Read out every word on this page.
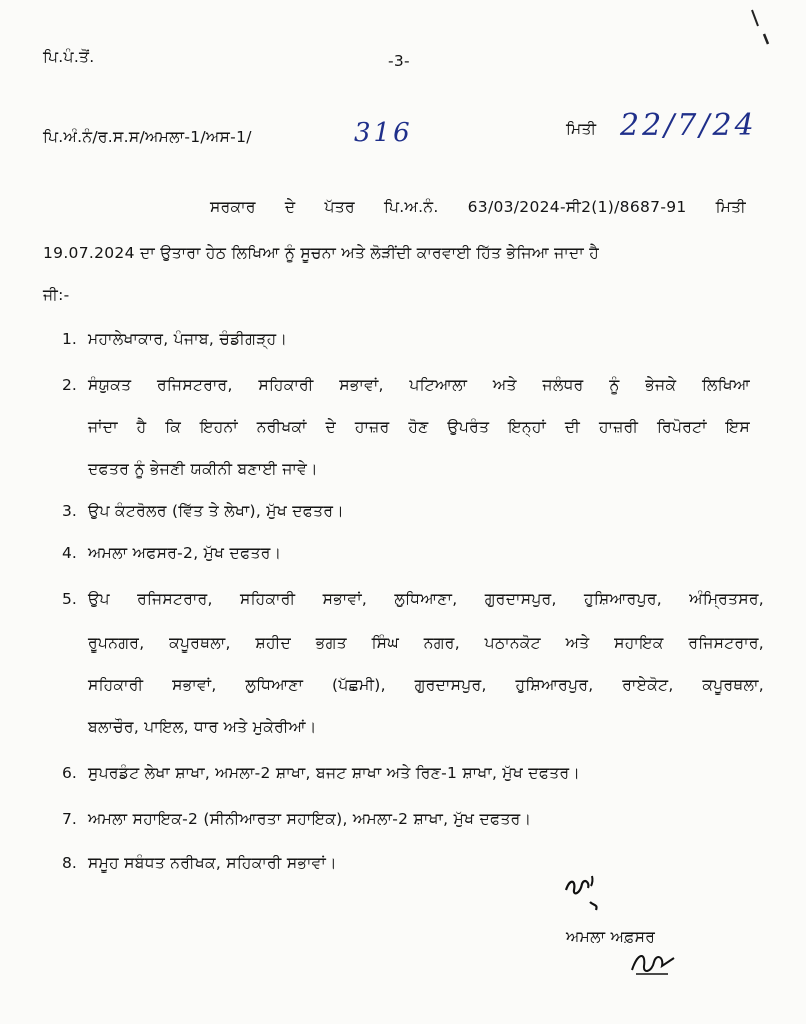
ਪਿ.ਪੰ.ਤੋਂ.	-3-
ਪਿ.ਅੰ.ਨੰ/ਰ.ਸ.ਸ/ਅਮਲਾ-1/ਅਸ-1/	316	ਮਿਤੀ 22/7/24
ਸਰਕਾਰ ਦੇ ਪੱਤਰ ਪਿ.ਅ.ਨੰ. 63/03/2024-ਸੀ2(1)/8687-91 ਮਿਤੀ
19.07.2024 ਦਾ ਉਤਾਰਾ ਹੇਠ ਲਿਖਿਆ ਨੂੰ ਸੂਚਨਾ ਅਤੇ ਲੋੜੀਂਦੀ ਕਾਰਵਾਈ ਹਿੱਤ ਭੇਜਿਆ ਜਾਦਾ ਹੈ
ਜੀ:-
1. ਮਹਾਲੇਖਾਕਾਰ, ਪੰਜਾਬ, ਚੰਡੀਗੜ੍ਹ।
2. ਸੰਯੁਕਤ ਰਜਿਸਟਰਾਰ, ਸਹਿਕਾਰੀ ਸਭਾਵਾਂ, ਪਟਿਆਲਾ ਅਤੇ ਜਲੰਧਰ ਨੂੰ ਭੇਜਕੇ ਲਿਖਿਆ
ਜਾਂਦਾ ਹੈ ਕਿ ਇਹਨਾਂ ਨਰੀਖਕਾਂ ਦੇ ਹਾਜ਼ਰ ਹੋਣ ਉਪਰੰਤ ਇਨ੍ਹਾਂ ਦੀ ਹਾਜ਼ਰੀ ਰਿਪੋਰਟਾਂ ਇਸ
ਦਫਤਰ ਨੂੰ ਭੇਜਣੀ ਯਕੀਨੀ ਬਣਾਈ ਜਾਵੇ।
3. ਉਪ ਕੰਟਰੋਲਰ (ਵਿੱਤ ਤੇ ਲੇਖਾ), ਮੁੱਖ ਦਫਤਰ।
4. ਅਮਲਾ ਅਫਸਰ-2, ਮੁੱਖ ਦਫਤਰ।
5. ਉਪ ਰਜਿਸਟਰਾਰ, ਸਹਿਕਾਰੀ ਸਭਾਵਾਂ, ਲੁਧਿਆਣਾ, ਗੁਰਦਾਸਪੁਰ, ਹੁਸ਼ਿਆਰਪੁਰ, ਅੰਮ੍ਰਿਤਸਰ,
ਰੂਪਨਗਰ, ਕਪੂਰਥਲਾ, ਸ਼ਹੀਦ ਭਗਤ ਸਿੰਘ ਨਗਰ, ਪਠਾਨਕੋਟ ਅਤੇ ਸਹਾਇਕ ਰਜਿਸਟਰਾਰ,
ਸਹਿਕਾਰੀ ਸਭਾਵਾਂ, ਲੁਧਿਆਣਾ (ਪੱਛਮੀ), ਗੁਰਦਾਸਪੁਰ, ਹੁਸ਼ਿਆਰਪੁਰ, ਰਾਏਕੋਟ, ਕਪੂਰਥਲਾ,
ਬਲਾਚੌਰ, ਪਾਇਲ, ਧਾਰ ਅਤੇ ਮੁਕੇਰੀਆਂ।
6. ਸੁਪਰਡੰਟ ਲੇਖਾ ਸ਼ਾਖਾ, ਅਮਲਾ-2 ਸ਼ਾਖਾ, ਬਜਟ ਸ਼ਾਖਾ ਅਤੇ ਰਿਣ-1 ਸ਼ਾਖਾ, ਮੁੱਖ ਦਫਤਰ।
7. ਅਮਲਾ ਸਹਾਇਕ-2 (ਸੀਨੀਆਰਤਾ ਸਹਾਇਕ), ਅਮਲਾ-2 ਸ਼ਾਖਾ, ਮੁੱਖ ਦਫਤਰ।
8. ਸਮੂਹ ਸਬੰਧਤ ਨਰੀਖਕ, ਸਹਿਕਾਰੀ ਸਭਾਵਾਂ।
ਅਮਲਾ ਅਫ਼ਸਰ
